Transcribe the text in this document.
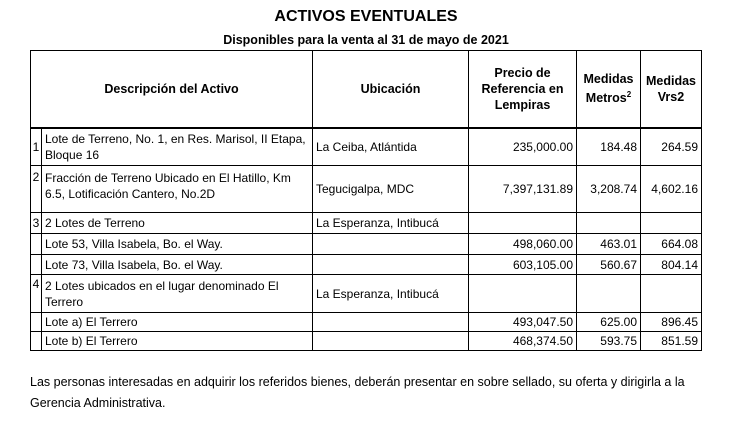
ACTIVOS EVENTUALES
Disponibles para la venta al 31 de mayo de 2021
Descripción del Activo		Ubicación	Precio de Referencia en Lempiras	Medidas Metros$^2$	Medidas Vrs2
1	Lote de Terreno, No. 1, en Res. Marisol, II Etapa, Bloque 16	La Ceiba, Atlántida	235,000.00	184.48	264.59
2	Fracción de Terreno Ubicado en El Hatillo, Km 6.5, Lotificación Cantero, No.2D	Tegucigalpa, MDC	7,397,131.89	3,208.74	4,602.16
3	2 Lotes de Terreno	La Esperanza, Intibucá			
	Lote 53, Villa Isabela, Bo. el Way.		498,060.00	463.01	664.08
	Lote 73, Villa Isabela, Bo. el Way.		603,105.00	560.67	804.14
4	2 Lotes ubicados en el lugar denominado El Terrero	La Esperanza, Intibucá			
	Lote a) El Terrero		493,047.50	625.00	896.45
	Lote b) El Terrero		468,374.50	593.75	851.59
Las personas interesadas en adquirir los referidos bienes, deberán presentar en sobre sellado, su oferta y dirigirla a la Gerencia Administrativa.
